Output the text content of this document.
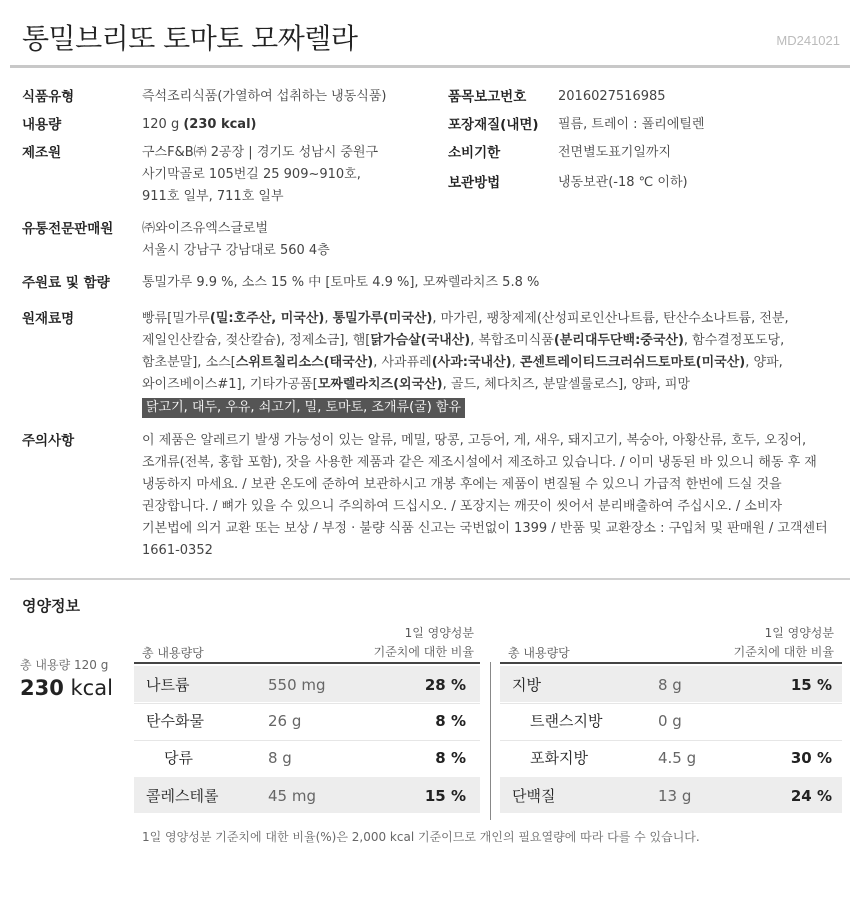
통밀브리또 토마토 모짜렐라	MD241021
식품유형	즉석조리식품(가열하여 섭취하는 냉동식품)	품목보고번호 2016027516985
내용량	120 g (230 kcal)	포장재질(내면) 필름, 트레이 : 폴리에틸렌
제조원	구스F&B㈜ 2공장 | 경기도 성남시 중원구
사기막골로 105번길 25 909~910호,
911호 일부, 711호 일부
소비기한	전면별도표기일까지
보관방법	냉동보관(-18 ℃ 이하)
유통전문판매원 ㈜와이즈유엑스글로벌
서울시 강남구 강남대로 560 4층
주원료 및 함량 통밀가루 9.9 %, 소스 15 % 中 [토마토 4.9 %], 모짜렐라치즈 5.8 %
원재료명	빵류[밀가루(밀:호주산, 미국산), 통밀가루(미국산), 마가린, 팽창제제(산성피로인산나트륨, 탄산수소나트륨, 전분,
제일인산칼슘, 젖산칼슘), 정제소금], 햄[닭가슴살(국내산), 복합조미식품(분리대두단백:중국산), 함수결정포도당,
함초분말], 소스[스위트칠리소스(태국산), 사과퓨레(사과:국내산), 콘센트레이티드크러쉬드토마토(미국산), 양파,
와이즈베이스#1], 기타가공품[모짜렐라치즈(외국산), 골드, 체다치즈, 분말셀룰로스], 양파, 피망
닭고기, 대두, 우유, 쇠고기, 밀, 토마토, 조개류(굴) 함유
주의사항	이 제품은 알레르기 발생 가능성이 있는 알류, 메밀, 땅콩, 고등어, 게, 새우, 돼지고기, 복숭아, 아황산류, 호두, 오징어,
조개류(전복, 홍합 포함), 잣을 사용한 제품과 같은 제조시설에서 제조하고 있습니다. / 이미 냉동된 바 있으니 해동 후 재
냉동하지 마세요. / 보관 온도에 준하여 보관하시고 개봉 후에는 제품이 변질될 수 있으니 가급적 한번에 드실 것을
권장합니다. / 뼈가 있을 수 있으니 주의하여 드십시오. / 포장지는 깨끗이 씻어서 분리배출하여 주십시오. / 소비자
기본법에 의거 교환 또는 보상 / 부정 · 불량 식품 신고는 국번없이 1399 / 반품 및 교환장소 : 구입처 및 판매원 / 고객센터
1661-0352
영양정보
총 내용량 120 g
230 kcal
총 내용량당
1일 영양성분
기준치에 대한 비율	총 내용량당
1일 영양성분
기준치에 대한 비율
나트륨	550 mg	28 %
탄수화물	26 g	8 %
당류	8 g	8 %
콜레스테롤	45 mg	15 %
지방	8 g	15 %
트랜스지방	0 g
포화지방	4.5 g	30 %
단백질	13 g	24 %
1일 영양성분 기준치에 대한 비율(%)은 2,000 kcal 기준이므로 개인의 필요열량에 따라 다를 수 있습니다.
